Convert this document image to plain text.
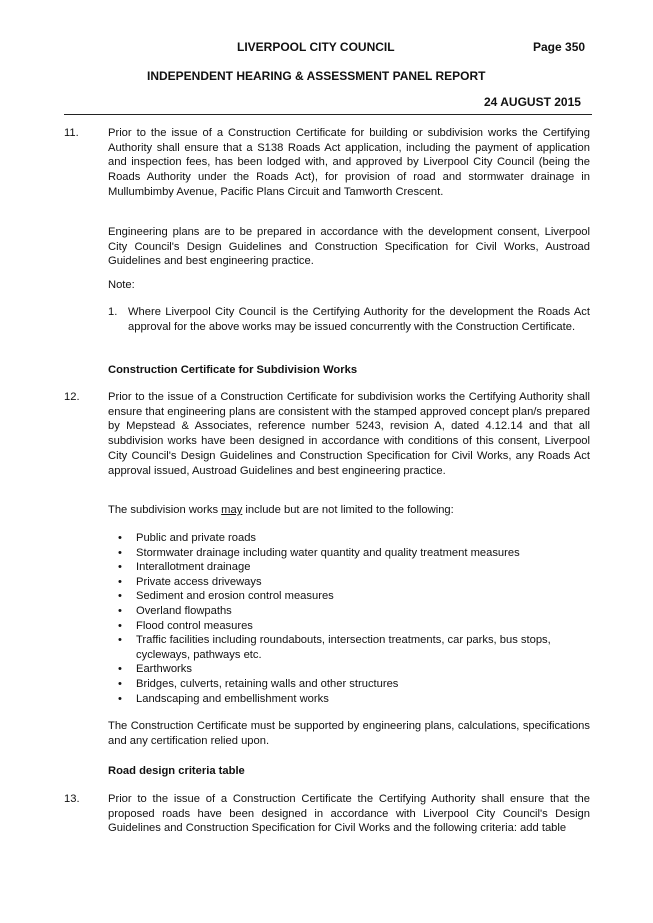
LIVERPOOL CITY COUNCIL	Page 350
INDEPENDENT HEARING & ASSESSMENT PANEL REPORT
24 AUGUST 2015
11.	Prior to the issue of a Construction Certificate for building or subdivision works the Certifying Authority shall ensure that a S138 Roads Act application, including the payment of application and inspection fees, has been lodged with, and approved by Liverpool City Council (being the Roads Authority under the Roads Act), for provision of road and stormwater drainage in Mullumbimby Avenue, Pacific Plans Circuit and Tamworth Crescent.

Engineering plans are to be prepared in accordance with the development consent, Liverpool City Council's Design Guidelines and Construction Specification for Civil Works, Austroad Guidelines and best engineering practice.

Note:
1. Where Liverpool City Council is the Certifying Authority for the development the Roads Act approval for the above works may be issued concurrently with the Construction Certificate.

Construction Certificate for Subdivision Works
12.	Prior to the issue of a Construction Certificate for subdivision works the Certifying Authority shall ensure that engineering plans are consistent with the stamped approved concept plan/s prepared by Mepstead & Associates, reference number 5243, revision A, dated 4.12.14 and that all subdivision works have been designed in accordance with conditions of this consent, Liverpool City Council's Design Guidelines and Construction Specification for Civil Works, any Roads Act approval issued, Austroad Guidelines and best engineering practice.

The subdivision works may include but are not limited to the following:

• Public and private roads
• Stormwater drainage including water quantity and quality treatment measures
• Interallotment drainage
• Private access driveways
• Sediment and erosion control measures
• Overland flowpaths
• Flood control measures
• Traffic facilities including roundabouts, intersection treatments, car parks, bus stops, cycleways, pathways etc.
• Earthworks
• Bridges, culverts, retaining walls and other structures
• Landscaping and embellishment works

The Construction Certificate must be supported by engineering plans, calculations, specifications and any certification relied upon.

Road design criteria table
13.	Prior to the issue of a Construction Certificate the Certifying Authority shall ensure that the proposed roads have been designed in accordance with Liverpool City Council's Design Guidelines and Construction Specification for Civil Works and the following criteria: add table
